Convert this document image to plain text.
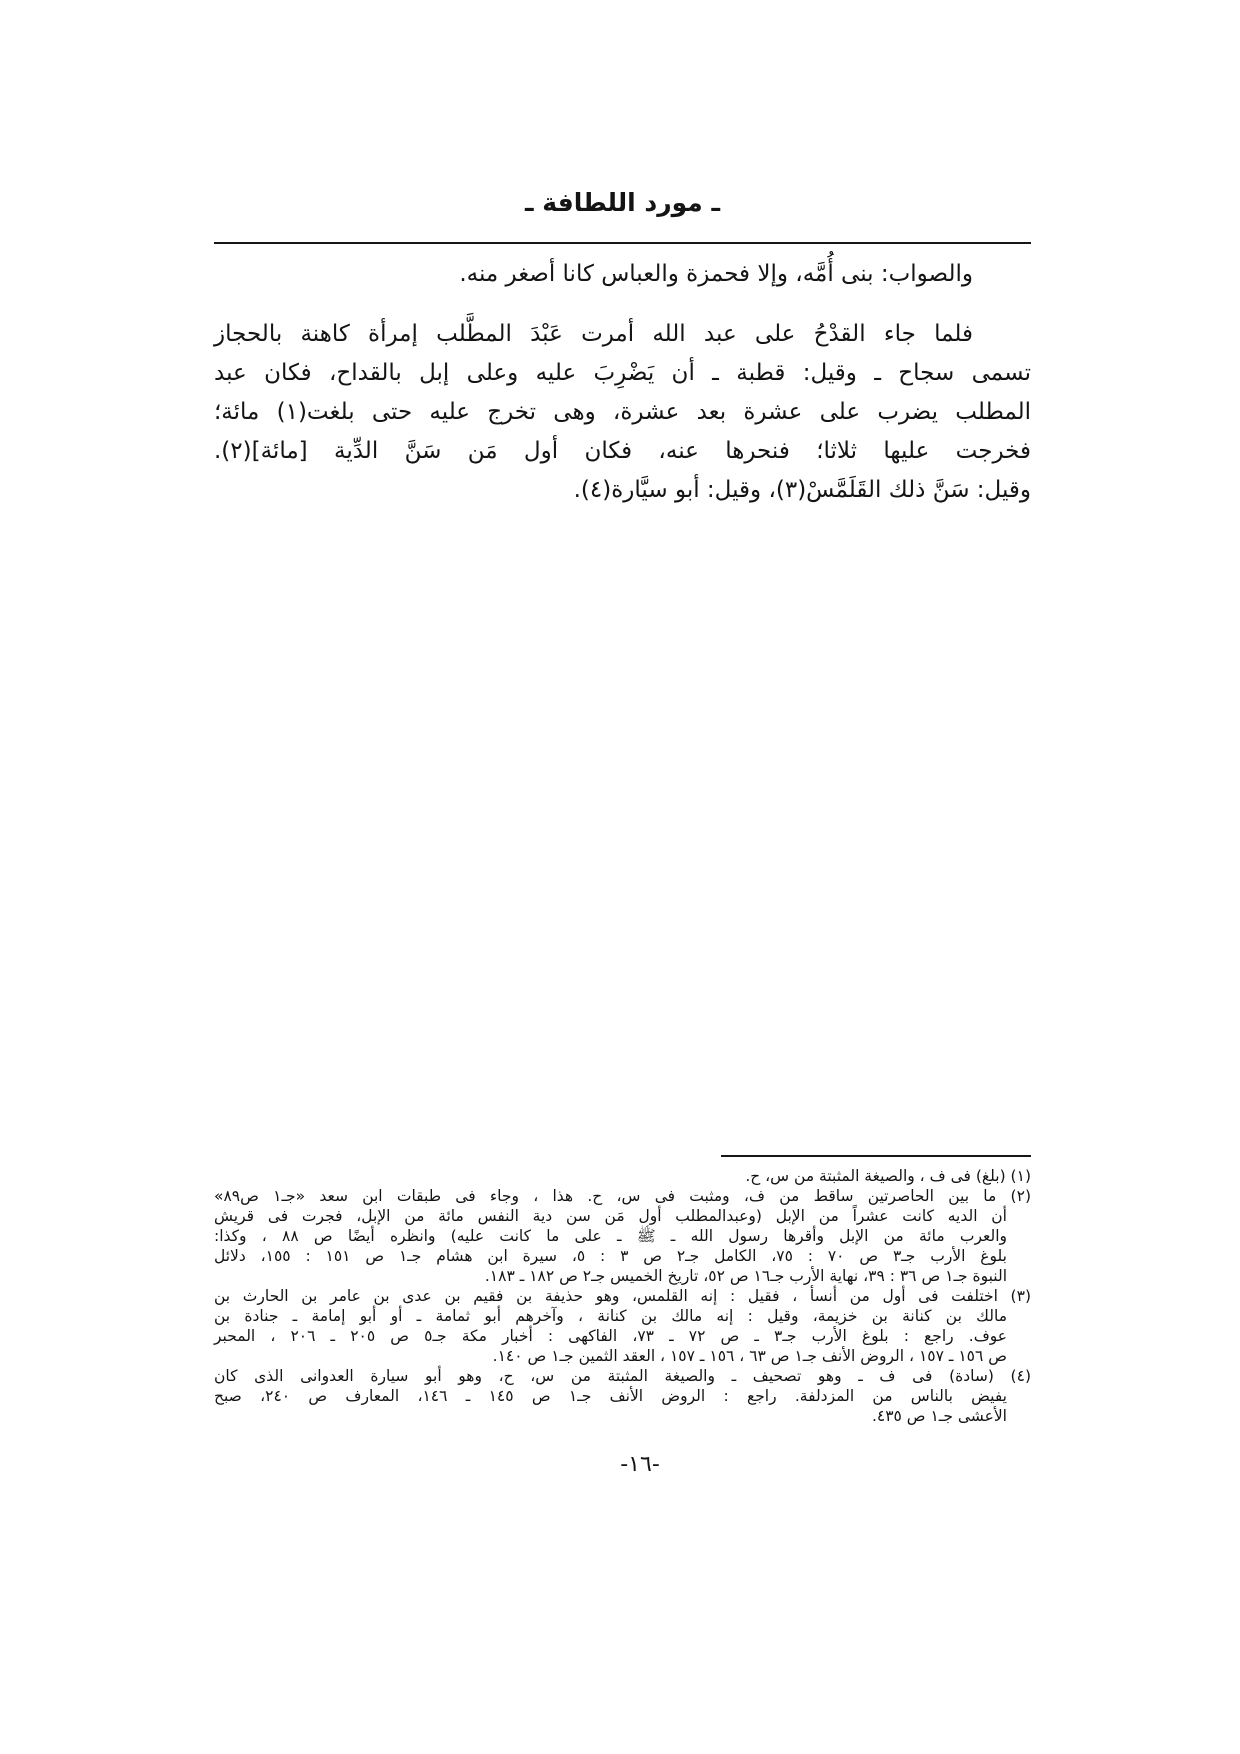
ـ مورد اللطافة ـ
والصواب: بنى أُمَّه، وإلا فحمزة والعباس كانا أصغر منه.
فلما جاء القدْحُ على عبد الله أمرت عَبْدَ المطَّلب إمرأة كاهنة بالحجاز
تسمى سجاح ـ وقيل: قطبة ـ أن يَضْرِبَ عليه وعلى إبل بالقداح، فكان عبد
المطلب يضرب على عشرة بعد عشرة، وهى تخرج عليه حتى بلغت(١) مائة؛
فخرجت عليها ثلاثا؛ فنحرها عنه، فكان أول مَن سَنَّ الدِّية [مائة](٢).
وقيل: سَنَّ ذلك القَلَمَّسْ(٣)، وقيل: أبو سيَّارة(٤).
(١) (بلغ) فى ف ، والصيغة المثبتة من س، ح.
(٢) ما بين الحاصرتين ساقط من ف، ومثبت فى س، ح. هذا ، وجاء فى طبقات ابن سعد «جـ١ ص٨٩»
أن الديه كانت عشراً من الإبل (وعبدالمطلب أول مَن سن دية النفس مائة من الإبل، فجرت فى قريش
والعرب مائة من الإبل وأقرها رسول الله ـ ﷺ ـ على ما كانت عليه) وانظره أيضًا ص ٨٨ ، وكذا:
بلوغ الأرب جـ٣ ص ٧٠ : ٧٥، الكامل جـ٢ ص ٣ : ٥، سيرة ابن هشام جـ١ ص ١٥١ : ١٥٥، دلائل
النبوة جـ١ ص ٣٦ : ٣٩، نهاية الأرب جـ١٦ ص ٥٢، تاريخ الخميس جـ٢ ص ١٨٢ ـ ١٨٣.
(٣) اختلفت فى أول من أنسأ ، فقيل : إنه القلمس، وهو حذيفة بن فقيم بن عدى بن عامر بن الحارث بن
مالك بن كنانة بن خزيمة، وقيل : إنه مالك بن كنانة ، وآخرهم أبو ثمامة ـ أو أبو إمامة ـ جنادة بن
عوف. راجع : بلوغ الأرب جـ٣ ـ ص ٧٢ ـ ٧٣، الفاكهى : أخبار مكة جـ٥ ص ٢٠٥ ـ ٢٠٦ ، المحبر
ص ١٥٦ ـ ١٥٧ ، الروض الأنف جـ١ ص ٦٣ ، ١٥٦ ـ ١٥٧ ، العقد الثمين جـ١ ص ١٤٠.
(٤) (سادة) فى ف ـ وهو تصحيف ـ والصيغة المثبتة من س، ح، وهو أبو سيارة العدوانى الذى كان
يفيض بالناس من المزدلفة. راجع : الروض الأنف جـ١ ص ١٤٥ ـ ١٤٦، المعارف ص ٢٤٠، صبح
الأعشى جـ١ ص ٤٣٥.
-١٦-
